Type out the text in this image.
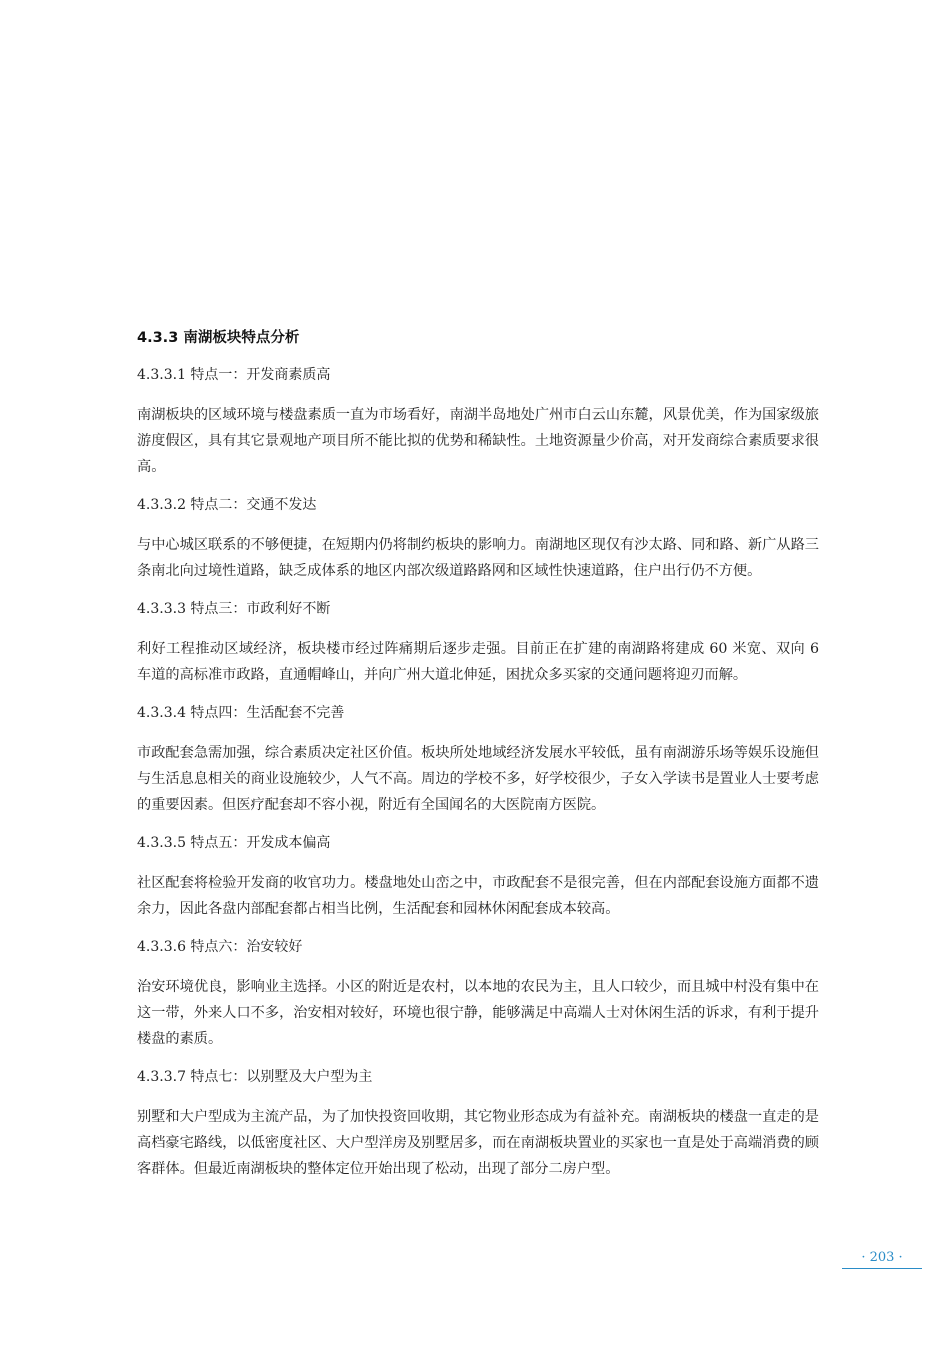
4.3.3 南湖板块特点分析
4.3.3.1 特点一：开发商素质高

南湖板块的区域环境与楼盘素质一直为市场看好，南湖半岛地处广州市白云山东麓，风景优美，作为国家级旅游度假区，具有其它景观地产项目所不能比拟的优势和稀缺性。土地资源量少价高，对开发商综合素质要求很高。

4.3.3.2 特点二：交通不发达

与中心城区联系的不够便捷，在短期内仍将制约板块的影响力。南湖地区现仅有沙太路、同和路、新广从路三条南北向过境性道路，缺乏成体系的地区内部次级道路路网和区域性快速道路，住户出行仍不方便。

4.3.3.3 特点三：市政利好不断

利好工程推动区域经济，板块楼市经过阵痛期后逐步走强。目前正在扩建的南湖路将建成 60 米宽、双向 6 车道的高标准市政路，直通帽峰山，并向广州大道北伸延，困扰众多买家的交通问题将迎刃而解。

4.3.3.4 特点四：生活配套不完善

市政配套急需加强，综合素质决定社区价值。板块所处地域经济发展水平较低，虽有南湖游乐场等娱乐设施但与生活息息相关的商业设施较少，人气不高。周边的学校不多，好学校很少，子女入学读书是置业人士要考虑的重要因素。但医疗配套却不容小视，附近有全国闻名的大医院南方医院。

4.3.3.5 特点五：开发成本偏高

社区配套将检验开发商的收官功力。楼盘地处山峦之中，市政配套不是很完善，但在内部配套设施方面都不遗余力，因此各盘内部配套都占相当比例，生活配套和园林休闲配套成本较高。

4.3.3.6 特点六：治安较好

治安环境优良，影响业主选择。小区的附近是农村，以本地的农民为主，且人口较少，而且城中村没有集中在这一带，外来人口不多，治安相对较好，环境也很宁静，能够满足中高端人士对休闲生活的诉求，有利于提升楼盘的素质。

4.3.3.7 特点七：以别墅及大户型为主

别墅和大户型成为主流产品，为了加快投资回收期，其它物业形态成为有益补充。南湖板块的楼盘一直走的是高档豪宅路线，以低密度社区、大户型洋房及别墅居多，而在南湖板块置业的买家也一直是处于高端消费的顾客群体。但最近南湖板块的整体定位开始出现了松动，出现了部分二房户型。

· 203 ·
